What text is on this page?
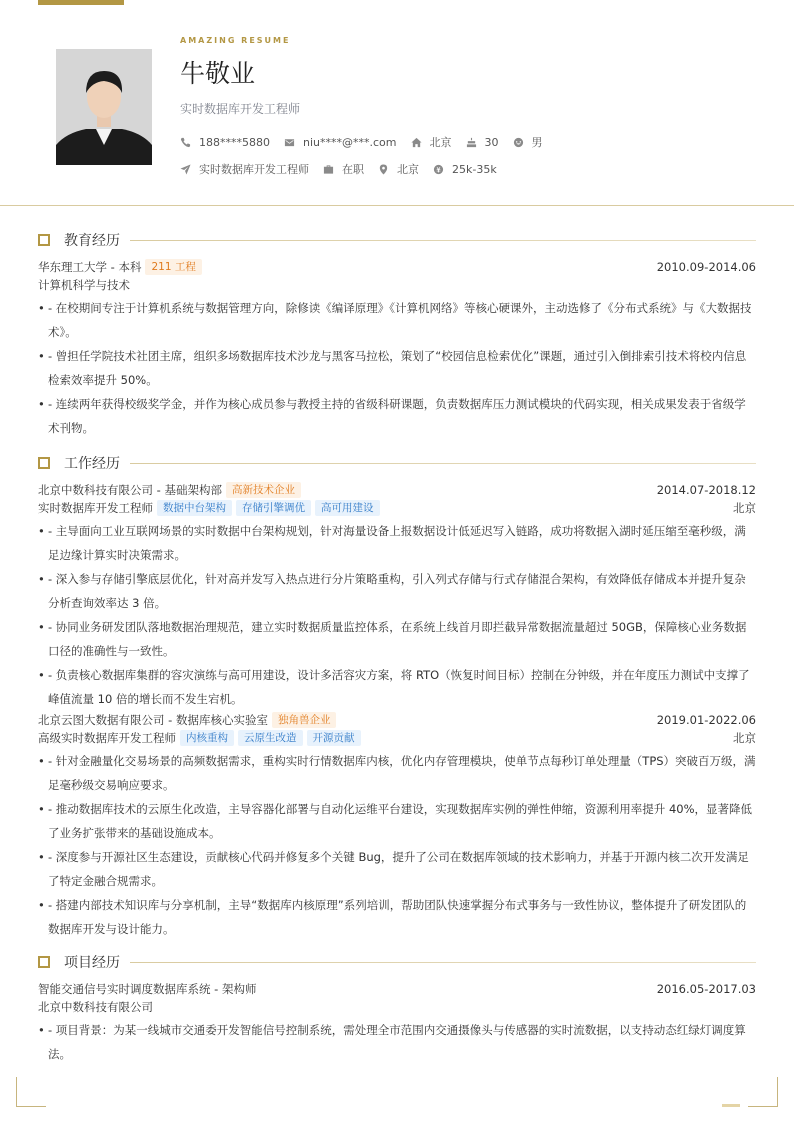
AMAZING RESUME
牛敬业
实时数据库开发工程师
188****5880	niu****@***.com	北京	30	男
实时数据库开发工程师	在职	北京	25k-35k
教育经历
华东理工大学 - 本科 211 工程	2010.09-2014.06
计算机科学与技术
• - 在校期间专注于计算机系统与数据管理方向，除修读《编译原理》《计算机网络》等核心硬课外，主动选修了《分布式系统》与《大数据技术》。
• - 曾担任学院技术社团主席，组织多场数据库技术沙龙与黑客马拉松，策划了“校园信息检索优化”课题，通过引入倒排索引技术将校内信息检索效率提升 50%。
• - 连续两年获得校级奖学金，并作为核心成员参与教授主持的省级科研课题，负责数据库压力测试模块的代码实现，相关成果发表于省级学术刊物。
工作经历
北京中数科技有限公司 - 基础架构部 高新技术企业	2014.07-2018.12
实时数据库开发工程师 数据中台架构	存储引擎调优	高可用建设	北京
• - 主导面向工业互联网场景的实时数据中台架构规划，针对海量设备上报数据设计低延迟写入链路，成功将数据入湖时延压缩至毫秒级，满足边缘计算实时决策需求。
• - 深入参与存储引擎底层优化，针对高并发写入热点进行分片策略重构，引入列式存储与行式存储混合架构，有效降低存储成本并提升复杂分析查询效率达 3 倍。
• - 协同业务研发团队落地数据治理规范，建立实时数据质量监控体系，在系统上线首月即拦截异常数据流量超过 50GB，保障核心业务数据口径的准确性与一致性。
• - 负责核心数据库集群的容灾演练与高可用建设，设计多活容灾方案，将 RTO（恢复时间目标）控制在分钟级，并在年度压力测试中支撑了峰值流量 10 倍的增长而不发生宕机。
北京云图大数据有限公司 - 数据库核心实验室 独角兽企业	2019.01-2022.06
高级实时数据库开发工程师 内核重构	云原生改造	开源贡献	北京
• - 针对金融量化交易场景的高频数据需求，重构实时行情数据库内核，优化内存管理模块，使单节点每秒订单处理量（TPS）突破百万级，满足毫秒级交易响应要求。
• - 推动数据库技术的云原生化改造，主导容器化部署与自动化运维平台建设，实现数据库实例的弹性伸缩，资源利用率提升 40%，显著降低了业务扩张带来的基础设施成本。
• - 深度参与开源社区生态建设，贡献核心代码并修复多个关键 Bug，提升了公司在数据库领域的技术影响力，并基于开源内核二次开发满足了特定金融合规需求。
• - 搭建内部技术知识库与分享机制，主导“数据库内核原理”系列培训，帮助团队快速掌握分布式事务与一致性协议，整体提升了研发团队的数据库开发与设计能力。
项目经历
智能交通信号实时调度数据库系统 - 架构师	2016.05-2017.03
北京中数科技有限公司
• - 项目背景：为某一线城市交通委开发智能信号控制系统，需处理全市范围内交通摄像头与传感器的实时流数据，以支持动态红绿灯调度算法。
